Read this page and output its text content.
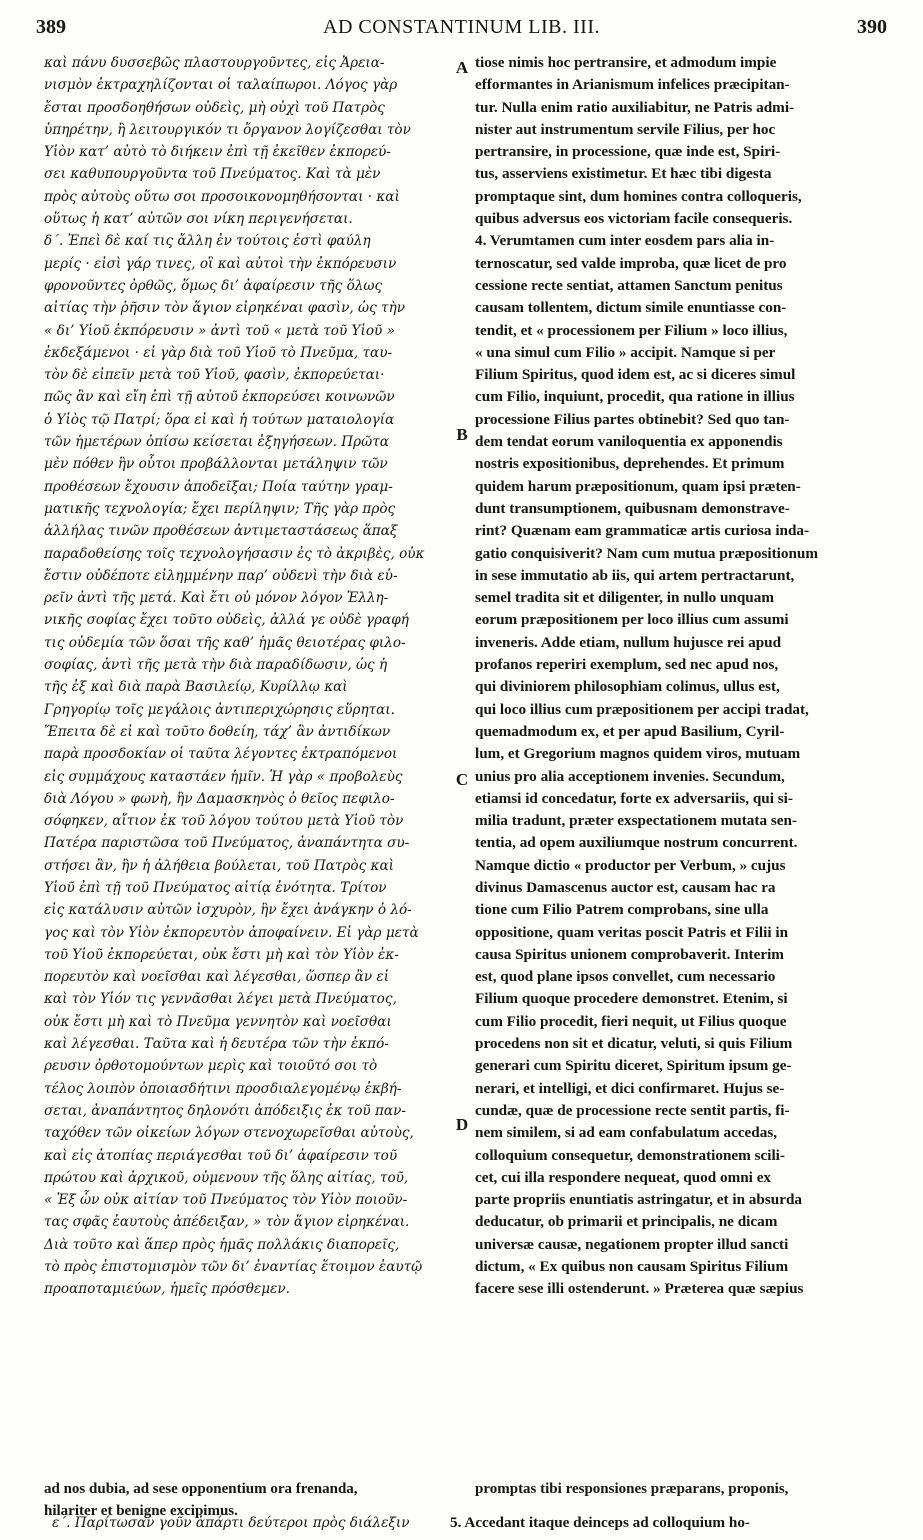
389	AD CONSTANTINUM LIB. III.	390

καὶ πάνυ δυσσεβῶς πλαστουργοῦντες, εἰς Ἀρεια-

νισμὸν ἐκτραχηλίζονται οἱ ταλαίπωροι. Λόγος γὰρ

ἔσται προσδοηθήσων οὐδεὶς, μὴ οὐχὶ τοῦ Πατρὸς

ὑπηρέτην, ἢ λειτουργικόν τι ὄργανον λογίζεσθαι τὸν

Υἱὸν κατ’ αὐτὸ τὸ διήκειν ἐπὶ τῇ ἐκεῖθεν ἐκπορεύ-

σει καθυπουργοῦντα τοῦ Πνεύματος. Καὶ τὰ μὲν

πρὸς αὐτοὺς οὕτω σοι προσοικονομηθήσονται · καὶ

οὕτως ἡ κατ’ αὐτῶν σοι νίκη περιγενήσεται.

δ΄. Ἐπεὶ δὲ καί τις ἄλλη ἐν τούτοις ἐστὶ φαύλη

μερίς · εἰσὶ γάρ τινες, οἳ καὶ αὐτοὶ τὴν ἐκπόρευσιν

φρονοῦντες ὀρθῶς, ὅμως δι’ ἀφαίρεσιν τῆς ὅλως

αἰτίας τὴν ῥῆσιν τὸν ἅγιον εἰρηκέναι φασὶν, ὡς τὴν

« δι’ Υἱοῦ ἐκπόρευσιν » ἀντὶ τοῦ « μετὰ τοῦ Υἱοῦ »

ἐκδεξάμενοι · εἰ γὰρ διὰ τοῦ Υἱοῦ τὸ Πνεῦμα, ταυ-

τὸν δὲ εἰπεῖν μετὰ τοῦ Υἱοῦ, φασὶν, ἐκπορεύεται·

πῶς ἂν καὶ εἴη ἐπὶ τῇ αὐτοῦ ἐκπορεύσει κοινωνῶν

ὁ Υἱὸς τῷ Πατρί; ὅρα εἰ καὶ ἡ τούτων ματαιολογία

τῶν ἡμετέρων ὀπίσω κείσεται ἐξηγήσεων. Πρῶτα

μὲν πόθεν ἣν οὗτοι προβάλλονται μετάληψιν τῶν

προθέσεων ἔχουσιν ἀποδεῖξαι; Ποία ταύτην γραμ-

ματικῆς τεχνολογία; ἔχει περίληψιν; Τῆς γὰρ πρὸς

ἀλλήλας τινῶν προθέσεων ἀντιμεταστάσεως ἅπαξ

παραδοθείσης τοῖς τεχνολογήσασιν ἐς τὸ ἀκριβὲς, οὐκ

ἔστιν οὐδέποτε εἰλημμένην παρ’ οὐδενὶ τὴν διὰ εὑ-

ρεῖν ἀντὶ τῆς μετά. Καὶ ἔτι οὐ μόνον λόγον Ἑλλη-

νικῆς σοφίας ἔχει τοῦτο οὐδεὶς, ἀλλά γε οὐδὲ γραφή

τις οὐδεμία τῶν ὅσαι τῆς καθ’ ἡμᾶς θειοτέρας φιλο-

σοφίας, ἀντὶ τῆς μετὰ τὴν διὰ παραδίδωσιν, ὡς ἡ

τῆς ἐξ καὶ διὰ παρὰ Βασιλείῳ, Κυρίλλῳ καὶ

Γρηγορίῳ τοῖς μεγάλοις ἀντιπεριχώρησις εὕρηται.

Ἔπειτα δὲ εἰ καὶ τοῦτο δοθείη, τάχ’ ἂν ἀντιδίκων

παρὰ προσδοκίαν οἱ ταῦτα λέγοντες ἐκτραπόμενοι

εἰς συμμάχους καταστάεν ἡμῖν. Ἡ γὰρ « προβολεὺς

διὰ Λόγου » φωνὴ, ἣν Δαμασκηνὸς ὁ θεῖος πεφιλο-

σόφηκεν, αἴτιον ἐκ τοῦ λόγου τούτου μετὰ Υἱοῦ τὸν

Πατέρα παριστῶσα τοῦ Πνεύματος, ἀναπάντητα συ-

στήσει ἂν, ἣν ἡ ἀλήθεια βούλεται, τοῦ Πατρὸς καὶ

Υἱοῦ ἐπὶ τῇ τοῦ Πνεύματος αἰτίᾳ ἑνότητα. Τρίτον

εἰς κατάλυσιν αὐτῶν ἰσχυρὸν, ἣν ἔχει ἀνάγκην ὁ λό-

γος καὶ τὸν Υἱὸν ἐκπορευτὸν ἀποφαίνειν. Εἰ γὰρ μετὰ

τοῦ Υἱοῦ ἐκπορεύεται, οὐκ ἔστι μὴ καὶ τὸν Υἱὸν ἐκ-

πορευτὸν καὶ νοεῖσθαι καὶ λέγεσθαι, ὥσπερ ἂν εἰ

καὶ τὸν Υἱόν τις γεννᾶσθαι λέγει μετὰ Πνεύματος,

οὐκ ἔστι μὴ καὶ τὸ Πνεῦμα γεννητὸν καὶ νοεῖσθαι

καὶ λέγεσθαι. Ταῦτα καὶ ἡ δευτέρα τῶν τὴν ἐκπό-

ρευσιν ὀρθοτομούντων μερὶς καὶ τοιοῦτό σοι τὸ

τέλος λοιπὸν ὁποιασδήτινι προσδιαλεγομένῳ ἐκβή-

σεται, ἀναπάντητος δηλονότι ἀπόδειξις ἐκ τοῦ παν-

ταχόθεν τῶν οἰκείων λόγων στενοχωρεῖσθαι αὐτοὺς,

καὶ εἰς ἀτοπίας περιάγεσθαι τοῦ δι’ ἀφαίρεσιν τοῦ

πρώτου καὶ ἀρχικοῦ, οὐμενουν τῆς ὅλης αἰτίας, τοῦ,

« Ἐξ ὧν οὐκ αἰτίαν τοῦ Πνεύματος τὸν Υἱὸν ποιοῦν-

τας σφᾶς ἑαυτοὺς ἀπέδειξαν, » τὸν ἅγιον εἰρηκέναι.

Διὰ τοῦτο καὶ ἅπερ πρὸς ἡμᾶς πολλάκις διαπορεῖς,

τὸ πρὸς ἐπιστομισμὸν τῶν δι’ ἐναντίας ἕτοιμον ἑαυτῷ

προαποταμιεύων, ἡμεῖς πρόσθεμεν.

tiose nimis hoc pertransire, et admodum impie

efformantes in Arianismum infelices præcipitan-

tur. Nulla enim ratio auxiliabitur, ne Patris admi-

nister aut instrumentum servile Filius, per hoc

pertransire, in processione, quæ inde est, Spiri-

tus, asserviens existimetur. Et hæc tibi digesta

promptaque sint, dum homines contra colloqueris,

quibus adversus eos victoriam facile consequeris.

4. Verumtamen cum inter eosdem pars alia in-

ternoscatur, sed valde improba, quæ licet de pro

cessione recte sentiat, attamen Sanctum penitus

causam tollentem, dictum simile enuntiasse con-

tendit, et « processionem per Filium » loco illius,

« una simul cum Filio » accipit. Namque si per

Filium Spiritus, quod idem est, ac si diceres simul

cum Filio, inquiunt, procedit, qua ratione in illius

processione Filius partes obtinebit? Sed quo tan-

dem tendat eorum vaniloquentia ex apponendis

nostris expositionibus, deprehendes. Et primum

quidem harum præpositionum, quam ipsi præten-

dunt transumptionem, quibusnam demonstrave-

rint? Quænam eam grammaticæ artis curiosa inda-

gatio conquisiverit? Nam cum mutua præpositionum

in sese immutatio ab iis, qui artem pertractarunt,

semel tradita sit et diligenter, in nullo unquam

eorum præpositionem per loco illius cum assumi

inveneris. Adde etiam, nullum hujusce rei apud

profanos reperiri exemplum, sed nec apud nos,

qui diviniorem philosophiam colimus, ullus est,

qui loco illius cum præpositionem per accipi tradat,

quemadmodum ex, et per apud Basilium, Cyril-

lum, et Gregorium magnos quidem viros, mutuam

unius pro alia acceptionem invenies. Secundum,

etiamsi id concedatur, forte ex adversariis, qui si-

milia tradunt, præter exspectationem mutata sen-

tentia, ad opem auxiliumque nostrum concurrent.

Namque dictio « productor per Verbum, » cujus

divinus Damascenus auctor est, causam hac ra

tione cum Filio Patrem comprobans, sine ulla

oppositione, quam veritas poscit Patris et Filii in

causa Spiritus unionem comprobaverit. Interim

est, quod plane ipsos convellet, cum necessario

Filium quoque procedere demonstret. Etenim, si

cum Filio procedit, fieri nequit, ut Filius quoque

procedens non sit et dicatur, veluti, si quis Filium

generari cum Spiritu diceret, Spiritum ipsum ge-

nerari, et intelligi, et dici confirmaret. Hujus se-

cundæ, quæ de processione recte sentit partis, fi-

nem similem, si ad eam confabulatum accedas,

colloquium consequetur, demonstrationem scili-

cet, cui illa respondere nequeat, quod omni ex

parte propriis enuntiatis astringatur, et in absurda

deducatur, ob primarii et principalis, ne dicam

universæ causæ, negationem propter illud sancti

dictum, « Ex quibus non causam Spiritus Filium

facere sese illi ostenderunt. » Præterea quæ sæpius

A
B
C
D

ad nos dubia, ad sese opponentium ora frenanda,	promptas tibi responsiones præparans, proponis,

hilariter et benigne excipimus.

ε΄. Παρίτωσαν γοῦν ἀπάρτι δεύτεροι πρὸς διάλεξιν	5. Accedant itaque deinceps ad colloquium ho-
